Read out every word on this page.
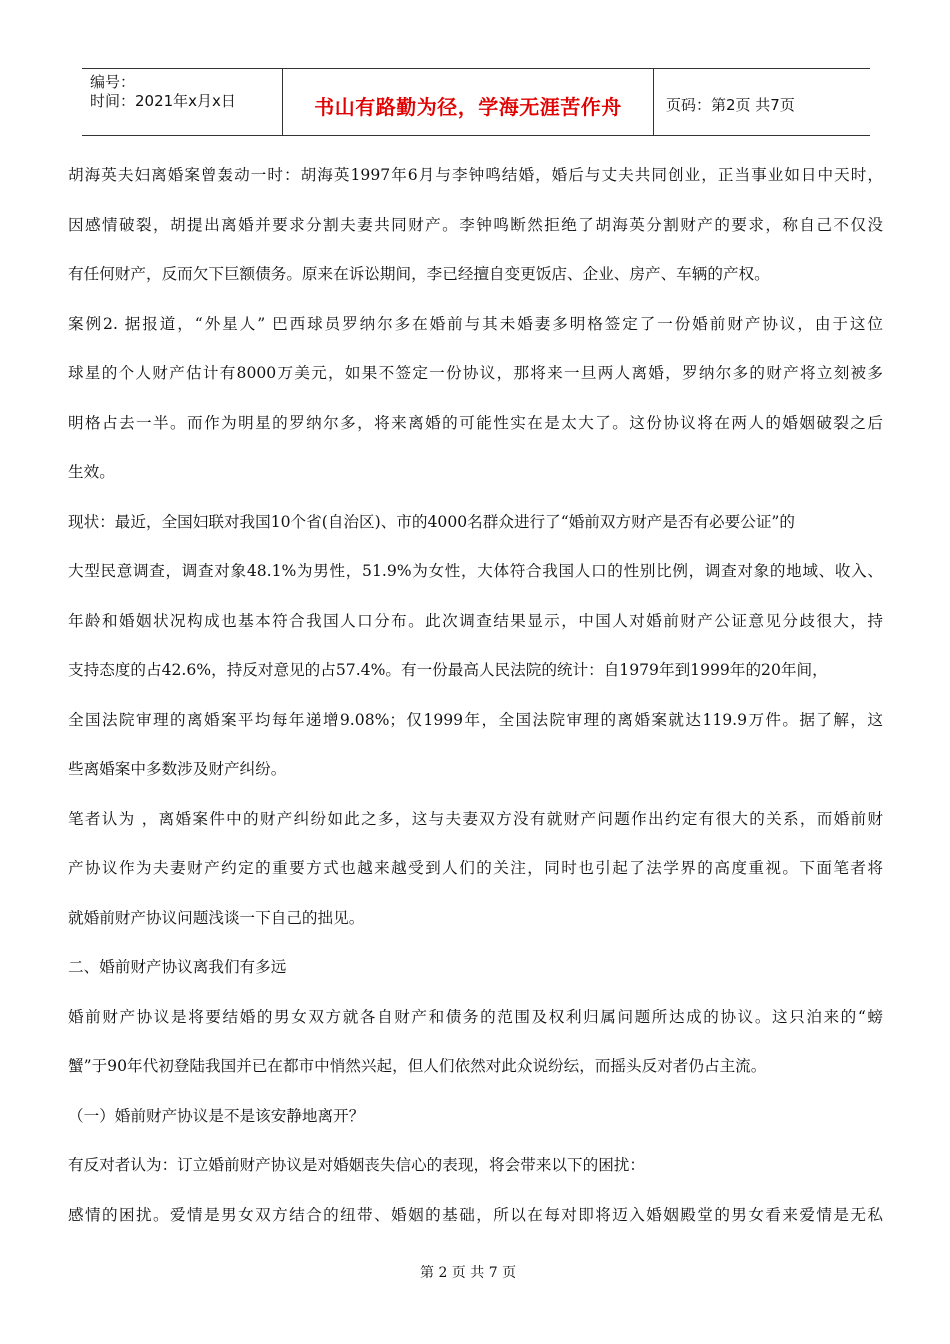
编号：
时间：2021年x月x日	书山有路勤为径，学海无涯苦作舟	页码：第2页 共7页
胡海英夫妇离婚案曾轰动一时：胡海英1997年6月与李钟鸣结婚，婚后与丈夫共同创业，正当事业如日中天时，
因感情破裂，胡提出离婚并要求分割夫妻共同财产。李钟鸣断然拒绝了胡海英分割财产的要求，称自己不仅没
有任何财产，反而欠下巨额债务。原来在诉讼期间，李已经擅自变更饭店、企业、房产、车辆的产权。
案例2. 据报道，“外星人” 巴西球员罗纳尔多在婚前与其未婚妻多明格签定了一份婚前财产协议，由于这位
球星的个人财产估计有8000万美元，如果不签定一份协议，那将来一旦两人离婚，罗纳尔多的财产将立刻被多
明格占去一半。而作为明星的罗纳尔多，将来离婚的可能性实在是太大了。这份协议将在两人的婚姻破裂之后
生效。
现状：最近，全国妇联对我国10个省(自治区)、市的4000名群众进行了“婚前双方财产是否有必要公证”的
大型民意调查，调查对象48.1%为男性，51.9%为女性，大体符合我国人口的性别比例，调查对象的地域、收入、
年龄和婚姻状况构成也基本符合我国人口分布。此次调查结果显示，中国人对婚前财产公证意见分歧很大，持
支持态度的占42.6%，持反对意见的占57.4%。有一份最高人民法院的统计：自1979年到1999年的20年间，
全国法院审理的离婚案平均每年递增9.08%；仅1999年，全国法院审理的离婚案就达119.9万件。据了解，这
些离婚案中多数涉及财产纠纷。
笔者认为 ，离婚案件中的财产纠纷如此之多，这与夫妻双方没有就财产问题作出约定有很大的关系，而婚前财
产协议作为夫妻财产约定的重要方式也越来越受到人们的关注，同时也引起了法学界的高度重视。下面笔者将
就婚前财产协议问题浅谈一下自己的拙见。
二、婚前财产协议离我们有多远
婚前财产协议是将要结婚的男女双方就各自财产和债务的范围及权利归属问题所达成的协议。这只泊来的“螃
蟹”于90年代初登陆我国并已在都市中悄然兴起，但人们依然对此众说纷纭，而摇头反对者仍占主流。
（一）婚前财产协议是不是该安静地离开？
有反对者认为：订立婚前财产协议是对婚姻丧失信心的表现，将会带来以下的困扰：
感情的困扰。爱情是男女双方结合的纽带、婚姻的基础，所以在每对即将迈入婚姻殿堂的男女看来爱情是无私
第 2 页 共 7 页
